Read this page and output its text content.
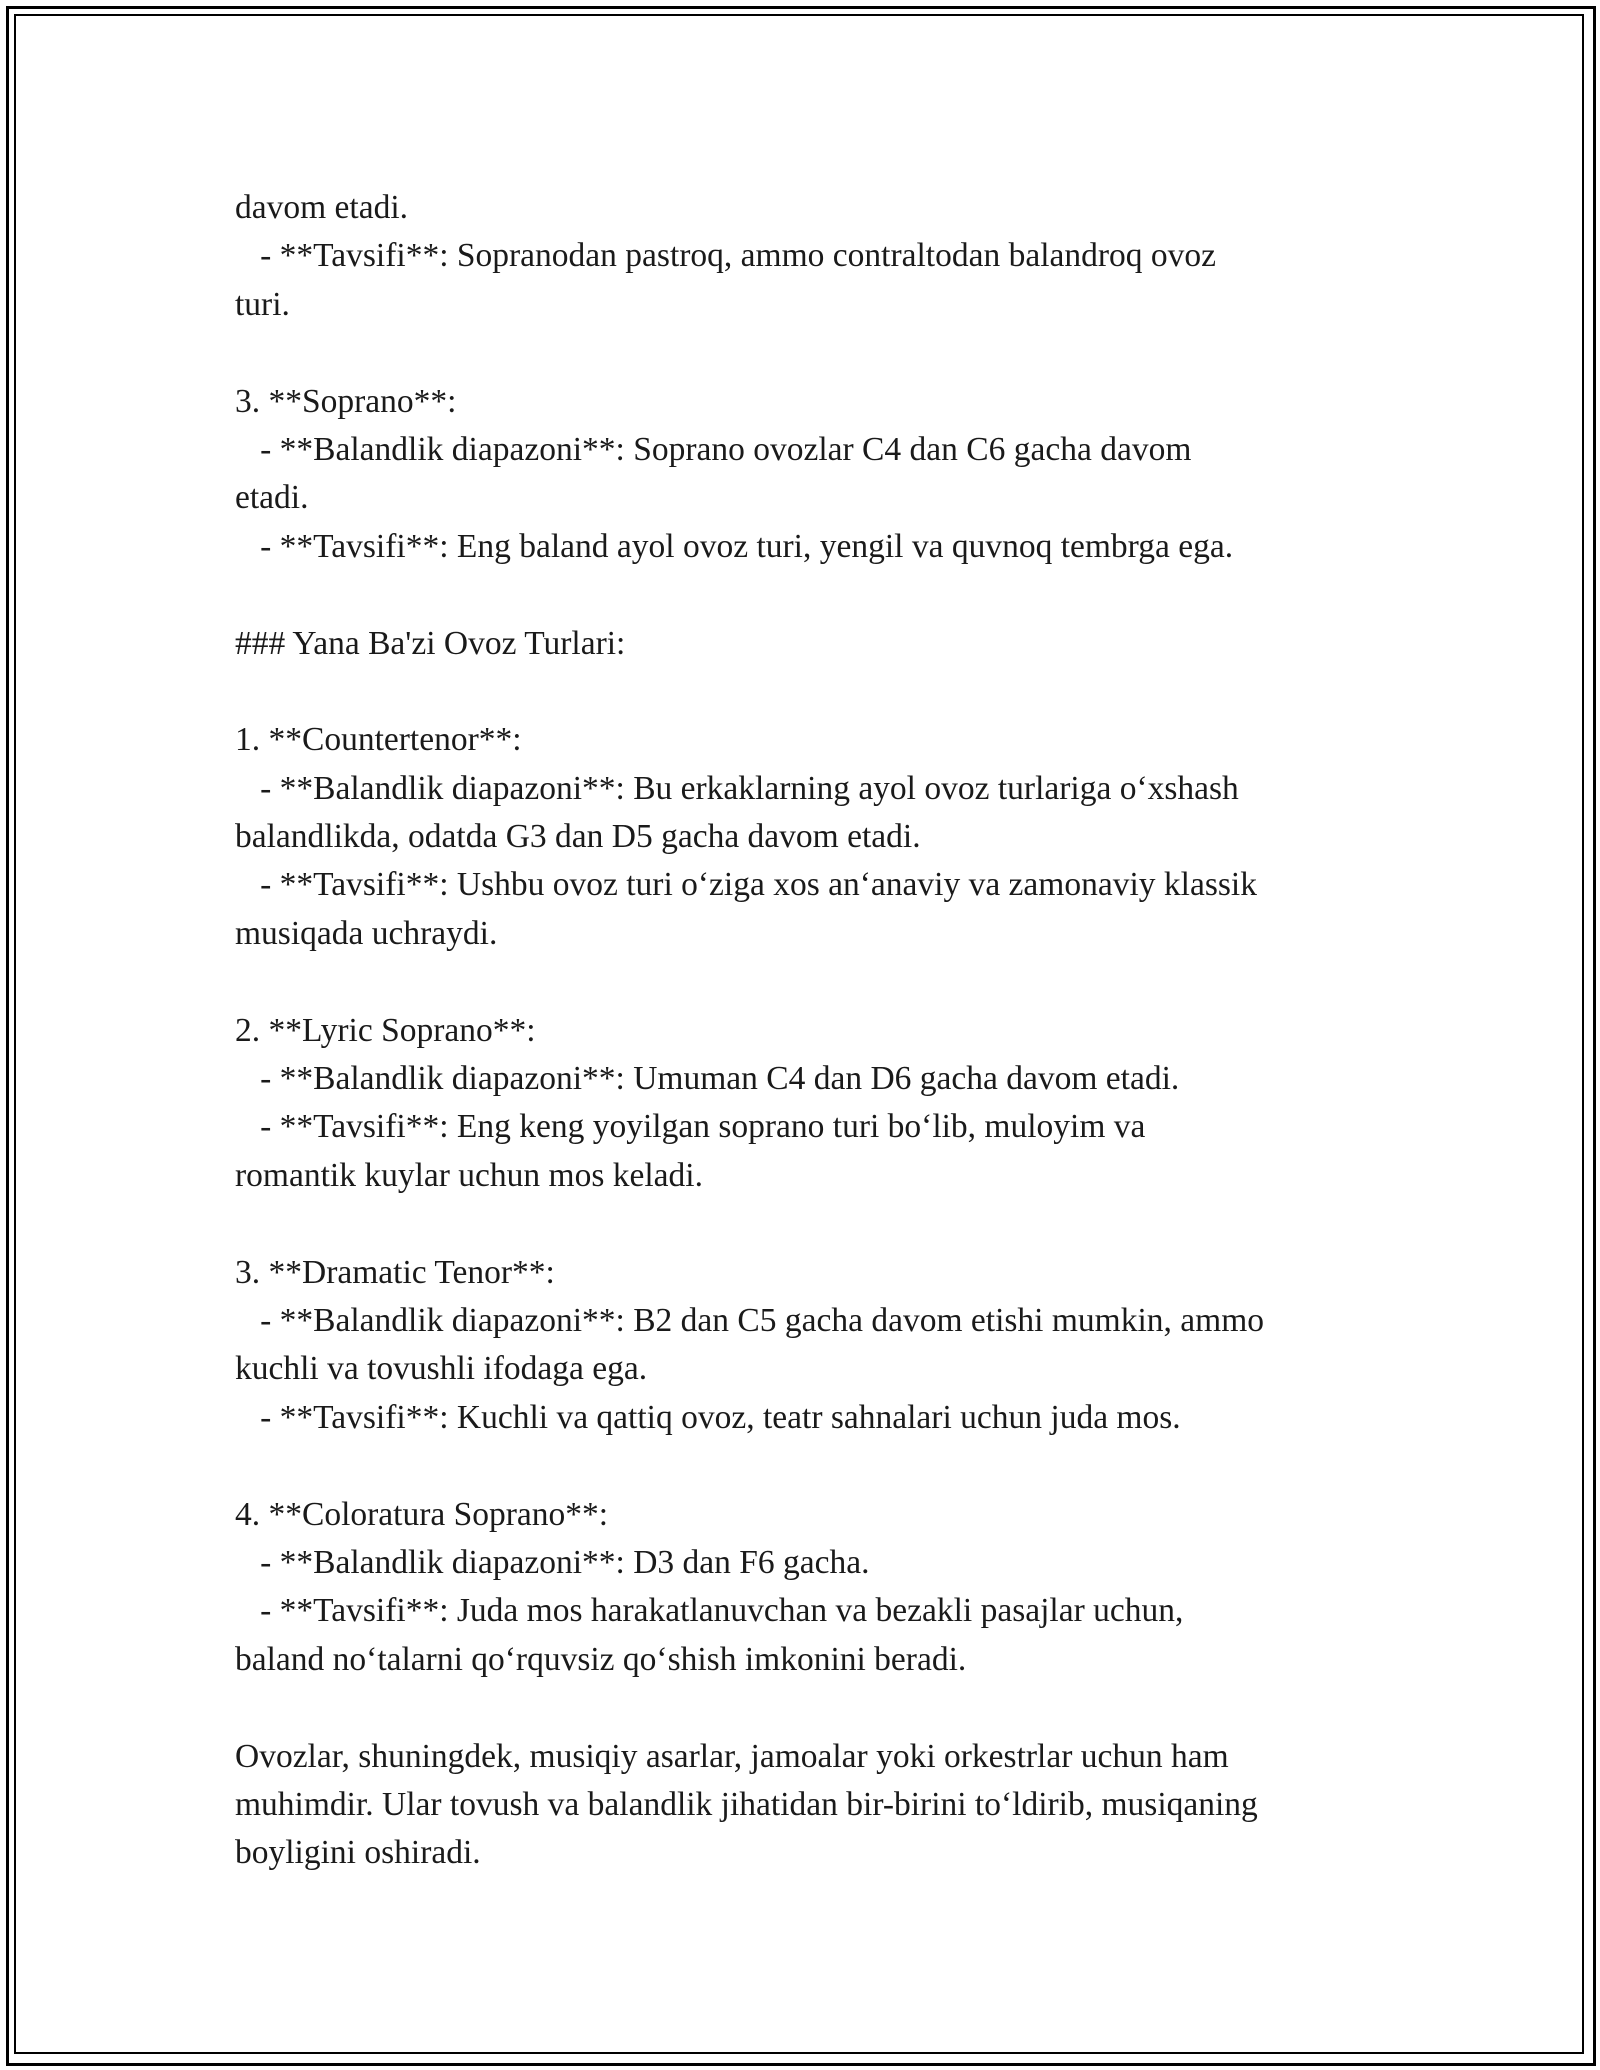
davom etadi.

- **Tavsifi**: Sopranodan pastroq, ammo contraltodan balandroq ovoz

turi.

3. **Soprano**:

- **Balandlik diapazoni**: Soprano ovozlar C4 dan C6 gacha davom

etadi.

- **Tavsifi**: Eng baland ayol ovoz turi, yengil va quvnoq tembrga ega.

### Yana Ba'zi Ovoz Turlari:

1. **Countertenor**:

- **Balandlik diapazoni**: Bu erkaklarning ayol ovoz turlariga o‘xshash

balandlikda, odatda G3 dan D5 gacha davom etadi.

- **Tavsifi**: Ushbu ovoz turi o‘ziga xos an‘anaviy va zamonaviy klassik

musiqada uchraydi.

2. **Lyric Soprano**:

- **Balandlik diapazoni**: Umuman C4 dan D6 gacha davom etadi.

- **Tavsifi**: Eng keng yoyilgan soprano turi bo‘lib, muloyim va

romantik kuylar uchun mos keladi.

3. **Dramatic Tenor**:

- **Balandlik diapazoni**: B2 dan C5 gacha davom etishi mumkin, ammo

kuchli va tovushli ifodaga ega.

- **Tavsifi**: Kuchli va qattiq ovoz, teatr sahnalari uchun juda mos.

4. **Coloratura Soprano**:

- **Balandlik diapazoni**: D3 dan F6 gacha.

- **Tavsifi**: Juda mos harakatlanuvchan va bezakli pasajlar uchun,

baland no‘talarni qo‘rquvsiz qo‘shish imkonini beradi.

Ovozlar, shuningdek, musiqiy asarlar, jamoalar yoki orkestrlar uchun ham

muhimdir. Ular tovush va balandlik jihatidan bir-birini to‘ldirib, musiqaning

boyligini oshiradi.
